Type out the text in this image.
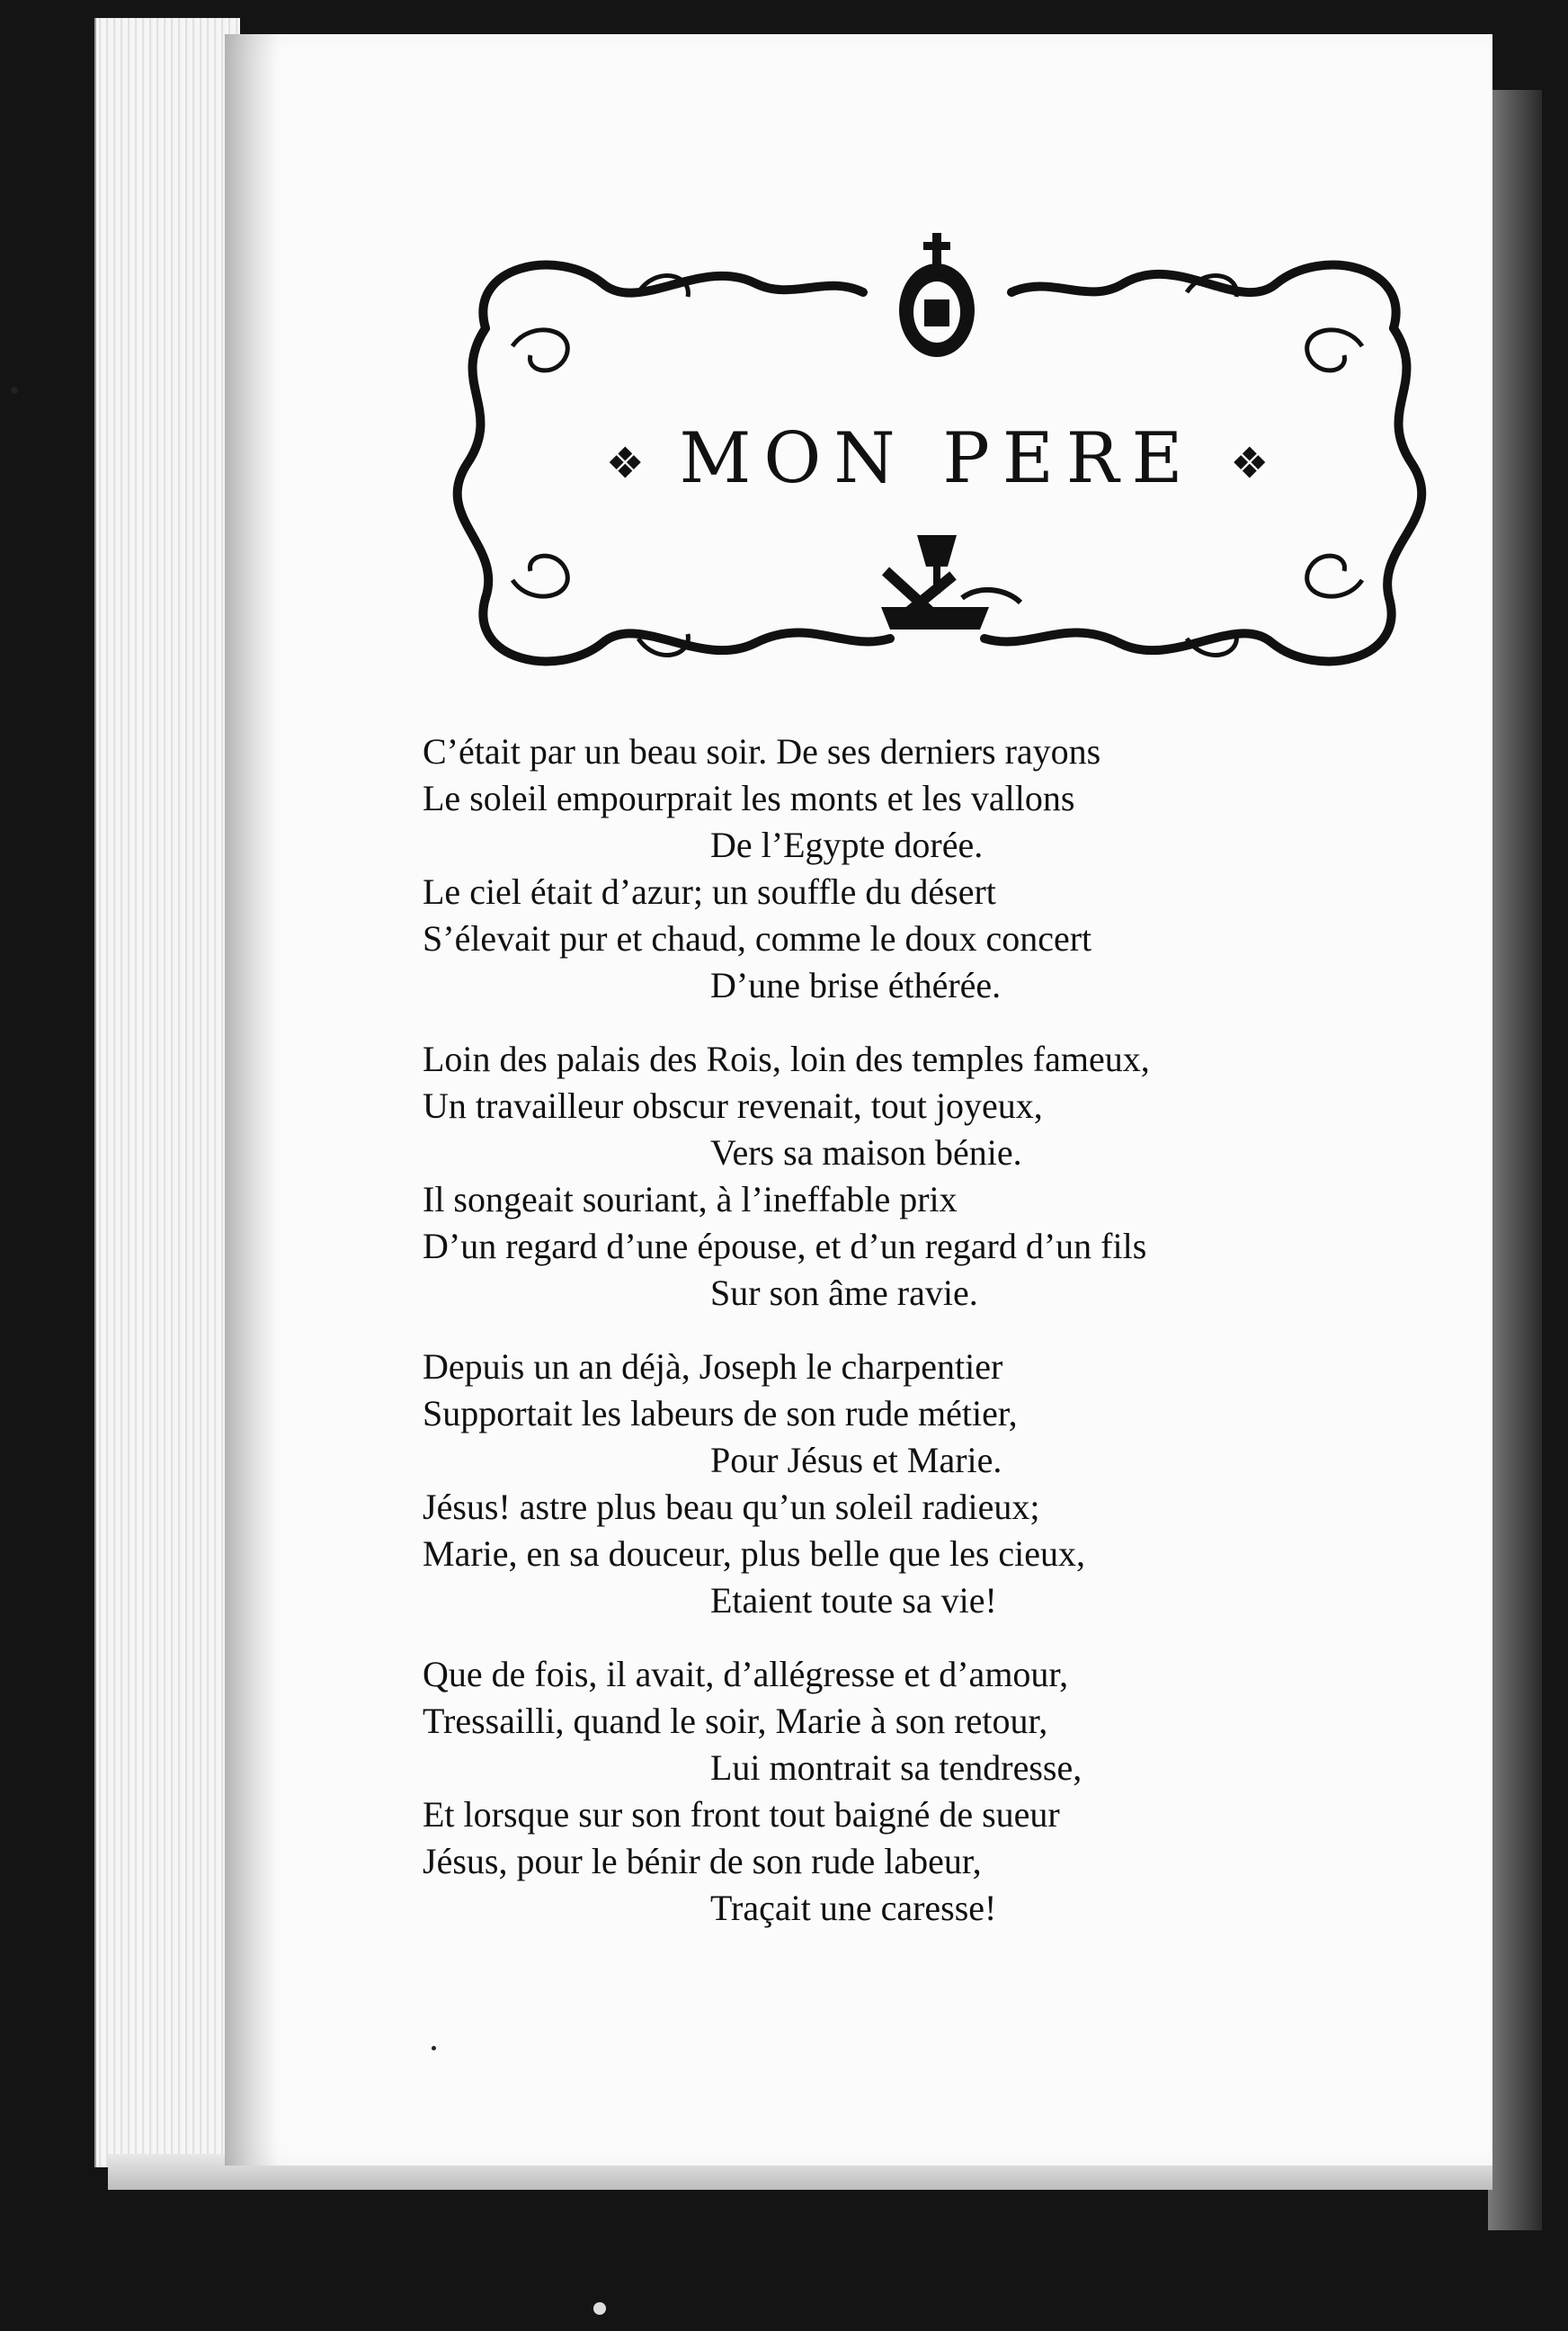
❖ MON PERE ❖
C’était par un beau soir. De ses derniers rayons
Le soleil empourprait les monts et les vallons
De l’Egypte dorée.
Le ciel était d’azur; un souffle du désert
S’élevait pur et chaud, comme le doux concert
D’une brise éthérée.
Loin des palais des Rois, loin des temples fameux,
Un travailleur obscur revenait, tout joyeux,
Vers sa maison bénie.
Il songeait souriant, à l’ineffable prix
D’un regard d’une épouse, et d’un regard d’un fils
Sur son âme ravie.
Depuis un an déjà, Joseph le charpentier
Supportait les labeurs de son rude métier,
Pour Jésus et Marie.
Jésus! astre plus beau qu’un soleil radieux;
Marie, en sa douceur, plus belle que les cieux,
Etaient toute sa vie!
Que de fois, il avait, d’allégresse et d’amour,
Tressailli, quand le soir, Marie à son retour,
Lui montrait sa tendresse,
Et lorsque sur son front tout baigné de sueur
Jésus, pour le bénir de son rude labeur,
Traçait une caresse!
